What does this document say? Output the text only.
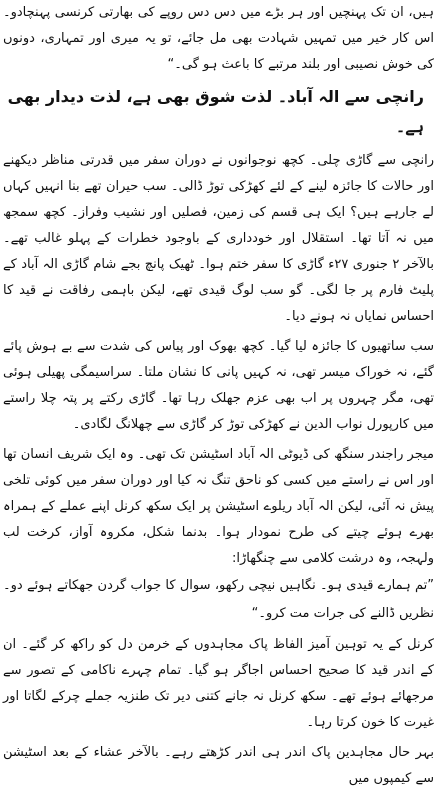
ہیں، ان تک پہنچیں اور ہر بڑے میں دس دس روپے کی بھارتی کرنسی پہنچادو۔ اس کار خیر میں تمہیں شہادت بھی مل جائے، تو یہ میری اور تمہاری، دونوں کی خوش نصیبی اور بلند مرتبے کا باعث ہو گی۔“

رانچی سے الہ آباد۔ لذت شوق بھی ہے، لذت دیدار بھی ہے۔

رانچی سے گاڑی چلی۔ کچھ نوجوانوں نے دوران سفر میں قدرتی مناظر دیکھنے اور حالات کا جائزہ لینے کے لئے کھڑکی توڑ ڈالی۔ سب حیران تھے بنا انہیں کہاں لے جارہے ہیں؟ ایک ہی قسم کی زمین، فصلیں اور نشیب وفراز۔ کچھ سمجھ میں نہ آتا تھا۔ استقلال اور خودداری کے باوجود خطرات کے پہلو غالب تھے۔ بالآخر ۲ جنوری ۲۷ء گاڑی کا سفر ختم ہوا۔ ٹھیک پانچ بجے شام گاڑی الہ آباد کے پلیٹ فارم پر جا لگی۔ گو سب لوگ قیدی تھے، لیکن باہمی رفاقت نے قید کا احساس نمایاں نہ ہونے دیا۔

سب ساتھیوں کا جائزہ لیا گیا۔ کچھ بھوک اور پیاس کی شدت سے بے ہوش پائے گئے، نہ خوراک میسر تھی، نہ کہیں پانی کا نشان ملتا۔ سراسیمگی پھیلی ہوئی تھی، مگر چہروں پر اب بھی عزم جھلک رہا تھا۔ گاڑی رکتے پر پتہ چلا راستے میں کارپورل نواب الدین نے کھڑکی توڑ کر گاڑی سے چھلانگ لگادی۔

میجر راجندر سنگھ کی ڈیوٹی الہ آباد اسٹیشن تک تھی۔ وہ ایک شریف انسان تھا اور اس نے راستے میں کسی کو ناحق تنگ نہ کیا اور دوران سفر میں کوئی تلخی پیش نہ آئی، لیکن الہ آباد ریلوے اسٹیشن پر ایک سکھ کرنل اپنے عملے کے ہمراہ بھرے ہوئے چیتے کی طرح نمودار ہوا۔ بدنما شکل، مکروہ آواز، کرخت لب ولہجہ، وہ درشت کلامی سے چنگھاڑا:

”تم ہمارے قیدی ہو۔ نگاہیں نیچی رکھو، سوال کا جواب گردن جھکاتے ہوئے دو۔ نظریں ڈالنے کی جرات مت کرو۔“

کرنل کے یہ توہین آمیز الفاظ پاک مجاہدوں کے خرمن دل کو راکھ کر گئے۔ ان کے اندر قید کا صحیح احساس اجاگر ہو گیا۔ تمام چہرے ناکامی کے تصور سے مرجھائے ہوئے تھے۔ سکھ کرنل نہ جانے کتنی دیر تک طنزیہ جملے چرکے لگاتا اور غیرت کا خون کرتا رہا۔

بہر حال مجاہدین پاک اندر ہی اندر کڑھتے رہے۔ بالآخر عشاء کے بعد اسٹیشن سے کیمپوں میں
